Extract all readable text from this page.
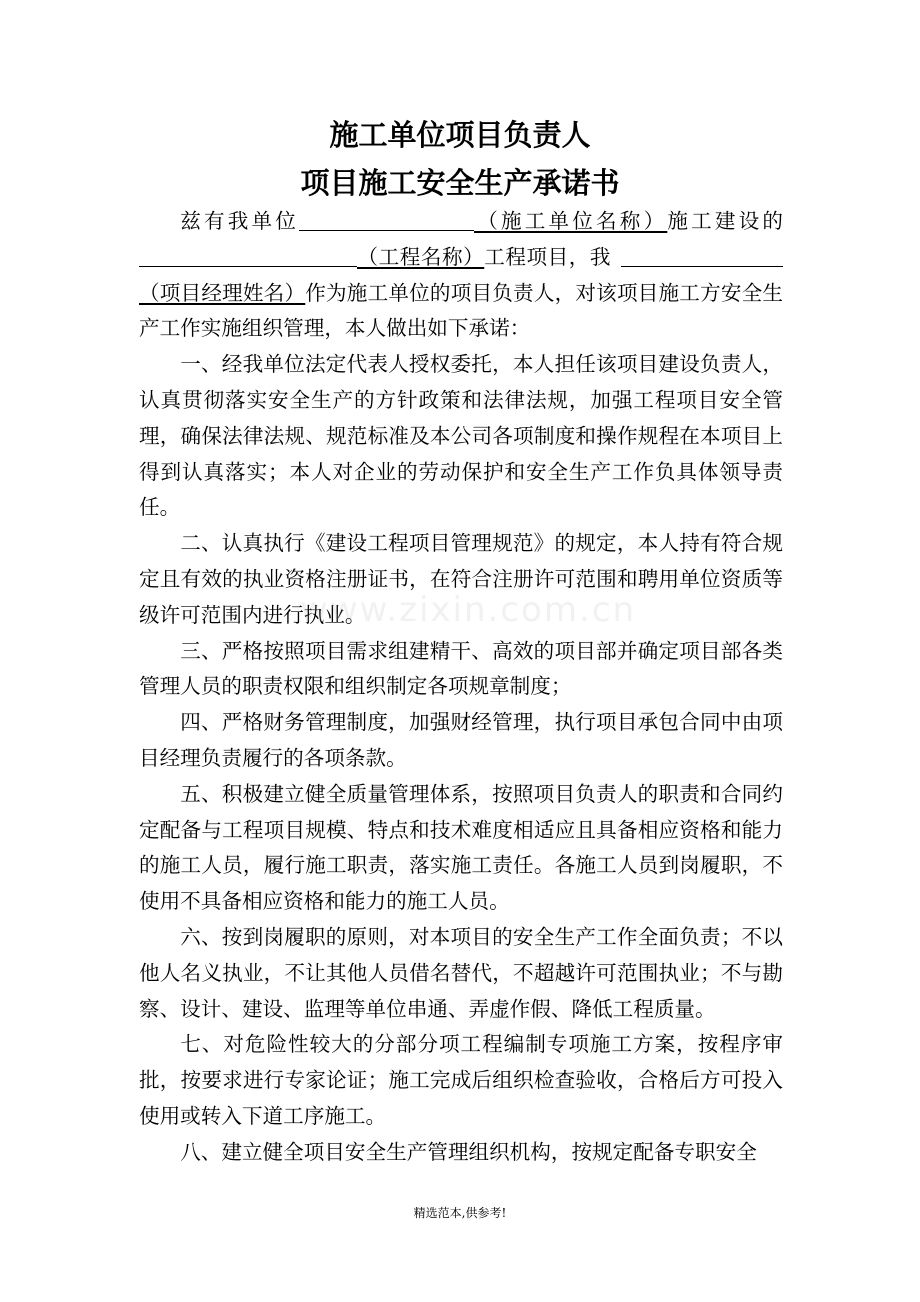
施工单位项目负责人
项目施工安全生产承诺书

兹有我单位	（施工单位名称）施工建设的（工程名称）工程项目，我（项目经理姓名）作为施工单位的项目负责人，对该项目施工方安全生产工作实施组织管理，本人做出如下承诺：

一、经我单位法定代表人授权委托，本人担任该项目建设负责人，认真贯彻落实安全生产的方针政策和法律法规，加强工程项目安全管理，确保法律法规、规范标准及本公司各项制度和操作规程在本项目上得到认真落实；本人对企业的劳动保护和安全生产工作负具体领导责任。

二、认真执行《建设工程项目管理规范》的规定，本人持有符合规定且有效的执业资格注册证书，在符合注册许可范围和聘用单位资质等级许可范围内进行执业。

三、严格按照项目需求组建精干、高效的项目部并确定项目部各类管理人员的职责权限和组织制定各项规章制度；

四、严格财务管理制度，加强财经管理，执行项目承包合同中由项目经理负责履行的各项条款。

五、积极建立健全质量管理体系，按照项目负责人的职责和合同约定配备与工程项目规模、特点和技术难度相适应且具备相应资格和能力的施工人员，履行施工职责，落实施工责任。各施工人员到岗履职，不使用不具备相应资格和能力的施工人员。

六、按到岗履职的原则，对本项目的安全生产工作全面负责；不以他人名义执业，不让其他人员借名替代，不超越许可范围执业；不与勘察、设计、建设、监理等单位串通、弄虚作假、降低工程质量。

七、对危险性较大的分部分项工程编制专项施工方案，按程序审批，按要求进行专家论证；施工完成后组织检查验收，合格后方可投入使用或转入下道工序施工。

八、建立健全项目安全生产管理组织机构，按规定配备专职安全

www.zixin.com.cn
精选范本,供参考!
